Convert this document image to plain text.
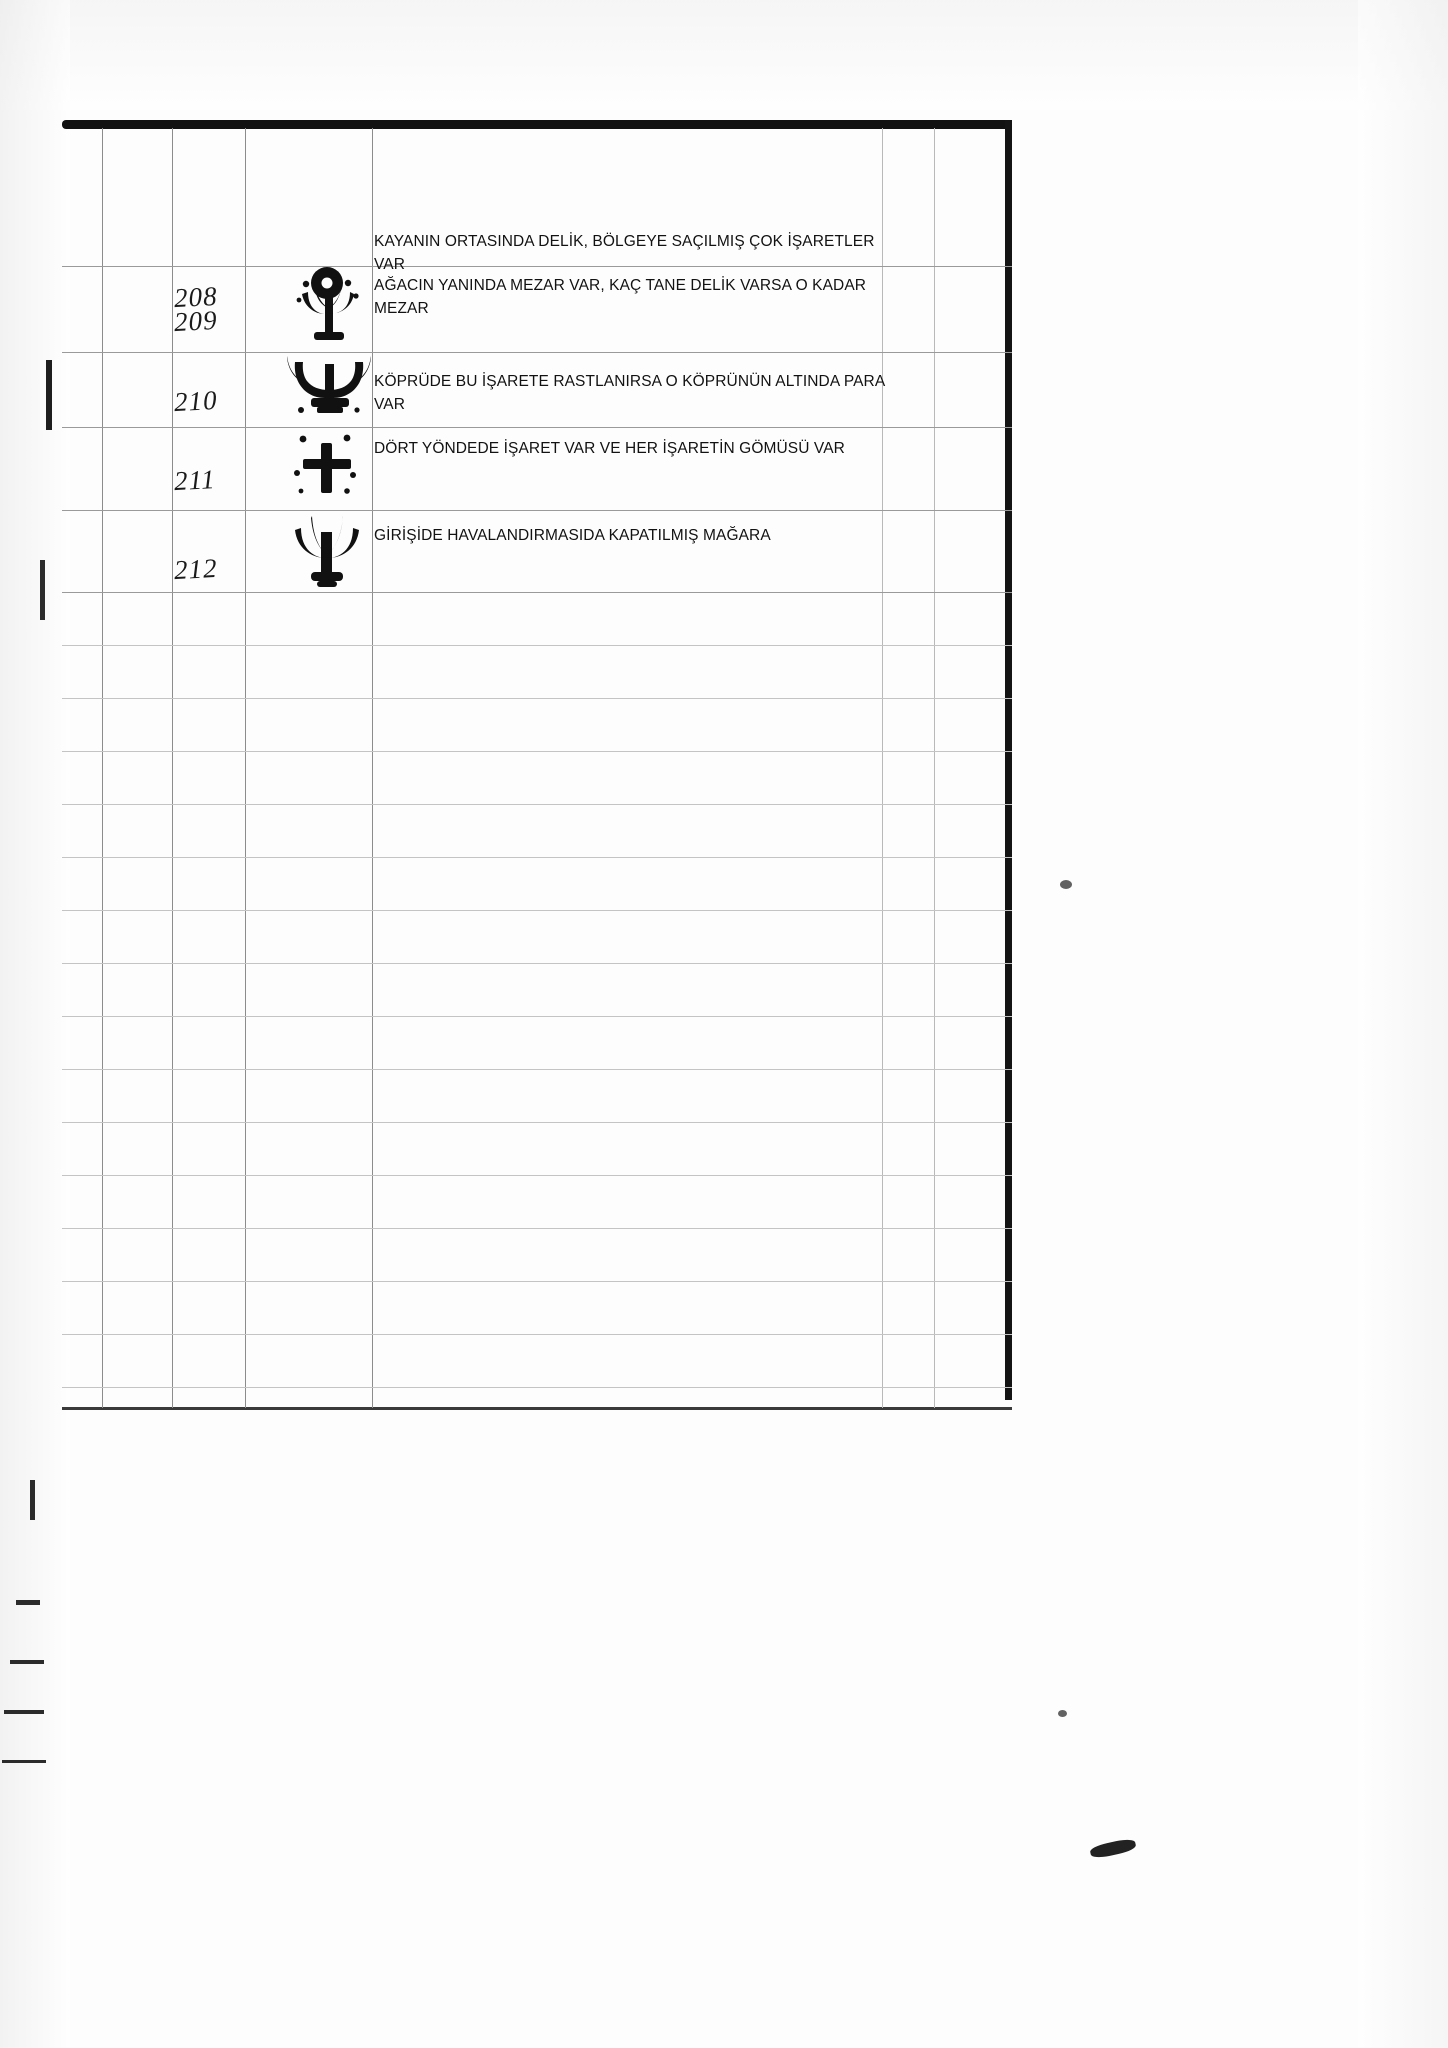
208
KAYANIN ORTASINDA DELİK, BÖLGEYE SAÇILMIŞ ÇOK İŞARETLER VAR
209
AĞACIN YANINDA MEZAR VAR, KAÇ TANE DELİK VARSA O KADAR MEZAR
210
KÖPRÜDE BU İŞARETE RASTLANIRSA O KÖPRÜNÜN ALTINDA PARA VAR
211
DÖRT YÖNDEDE İŞARET VAR VE HER İŞARETİN GÖMÜSÜ VAR
212
GİRİŞİDE HAVALANDIRMASIDA KAPATILMIŞ MAĞARA
